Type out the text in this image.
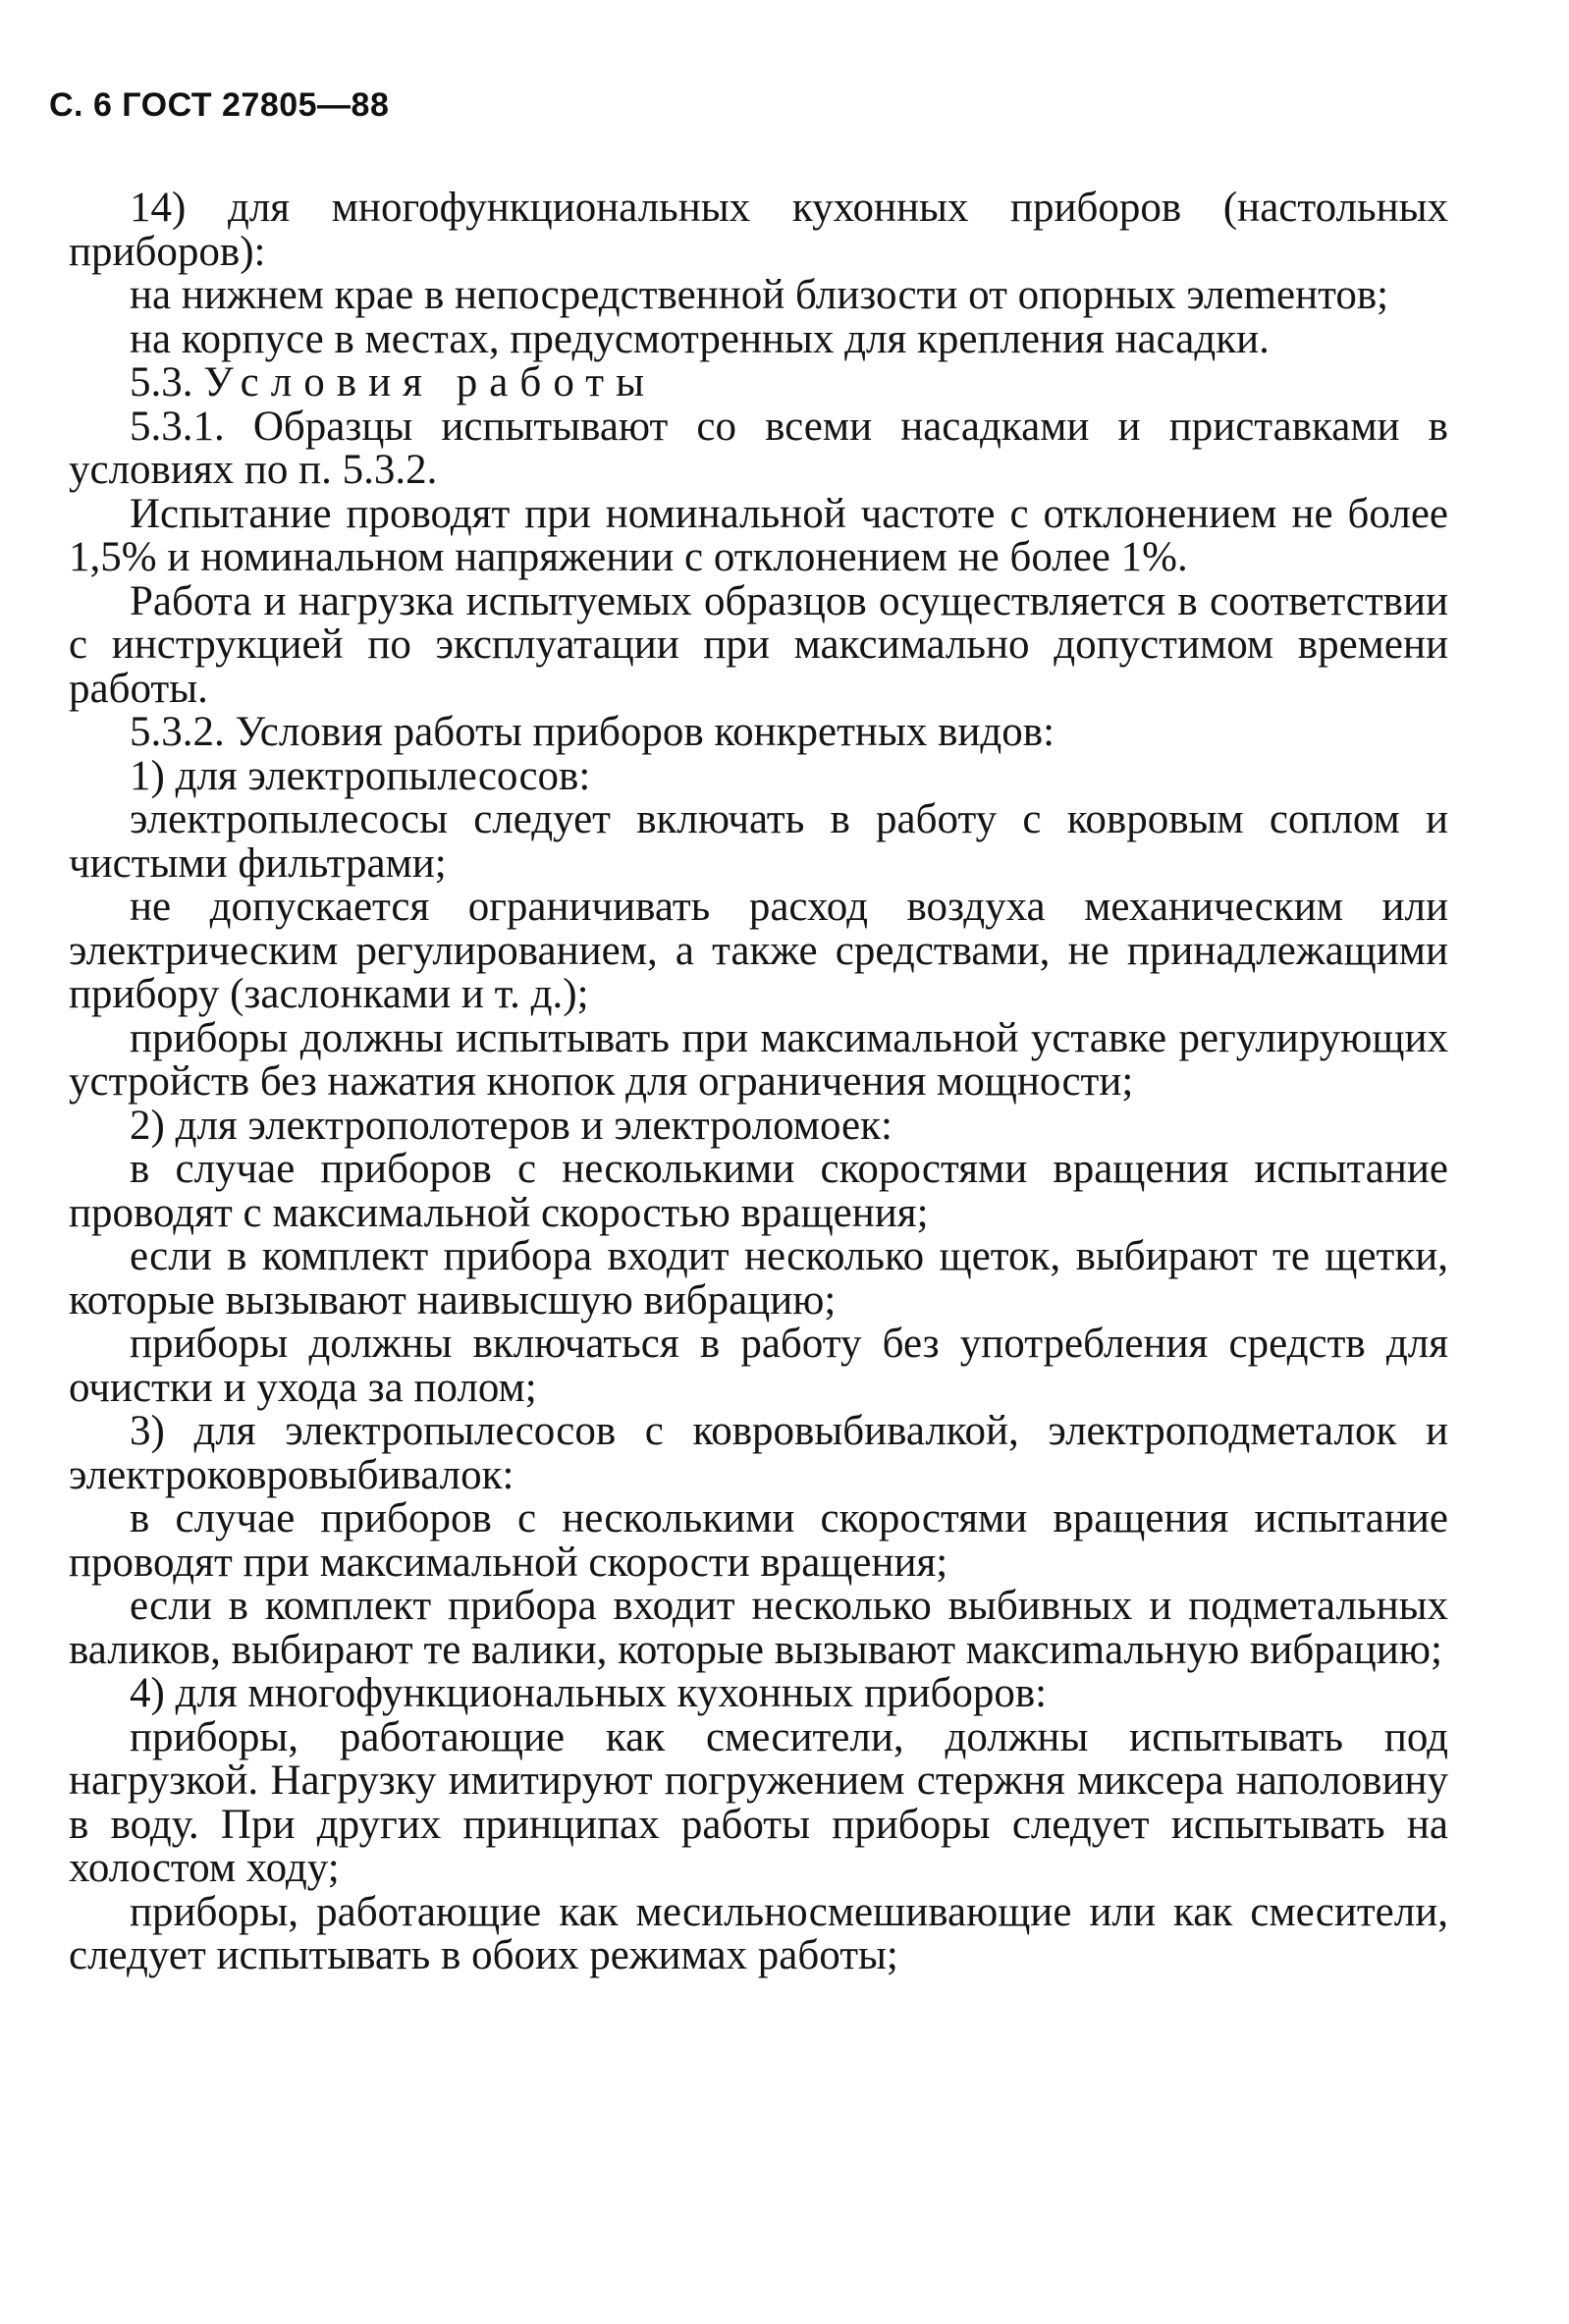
С. 6 ГОСТ 27805—88

14) для многофункциональных кухонных приборов (настольных приборов):

на нижнем крае в непосредственной близости от опорных элеmентов;

на корпусе в местах, предусмотренных для крепления насадки.

5.3. Условия работы

5.3.1. Образцы испытывают со всеми насадками и приставками в условиях по п. 5.3.2.

Испытание проводят при номинальной частоте с отклонением не более 1,5% и номинальном напряжении с отклонением не более 1%.

Работа и нагрузка испытуемых образцов осуществляется в соответствии с инструкцией по эксплуатации при максимально допустимом времени работы.

5.3.2. Условия работы приборов конкретных видов:

1) для электропылесосов:

электропылесосы следует включать в работу с ковровым соплом и чистыми фильтрами;

не допускается ограничивать расход воздуха механическим или электрическим регулированием, а также средствами, не принадлежащими прибору (заслонками и т. д.);

приборы должны испытывать при максимальной уставке регулирующих устройств без нажатия кнопок для ограничения мощности;

2) для электрополотеров и электроломоек:

в случае приборов с несколькими скоростями вращения испытание проводят с максимальной скоростью вращения;

если в комплект прибора входит несколько щеток, выбирают те щетки, которые вызывают наивысшую вибрацию;

приборы должны включаться в работу без употребления средств для очистки и ухода за полом;

3) для электропылесосов с ковровыбивалкой, электроподметалок и электроковровыбивалок:

в случае приборов с несколькими скоростями вращения испытание проводят при максимальной скорости вращения;

если в комплект прибора входит несколько выбивных и подметальных валиков, выбирают те валики, которые вызывают максиmальную вибрацию;

4) для многофункциональных кухонных приборов:

приборы, работающие как смесители, должны испытывать под нагрузкой. Нагрузку имитируют погружением стержня миксера наполовину в воду. При других принципах работы приборы следует испытывать на холостом ходу;

приборы, работающие как месильносмешивающие или как смесители, следует испытывать в обоих режимах работы;
